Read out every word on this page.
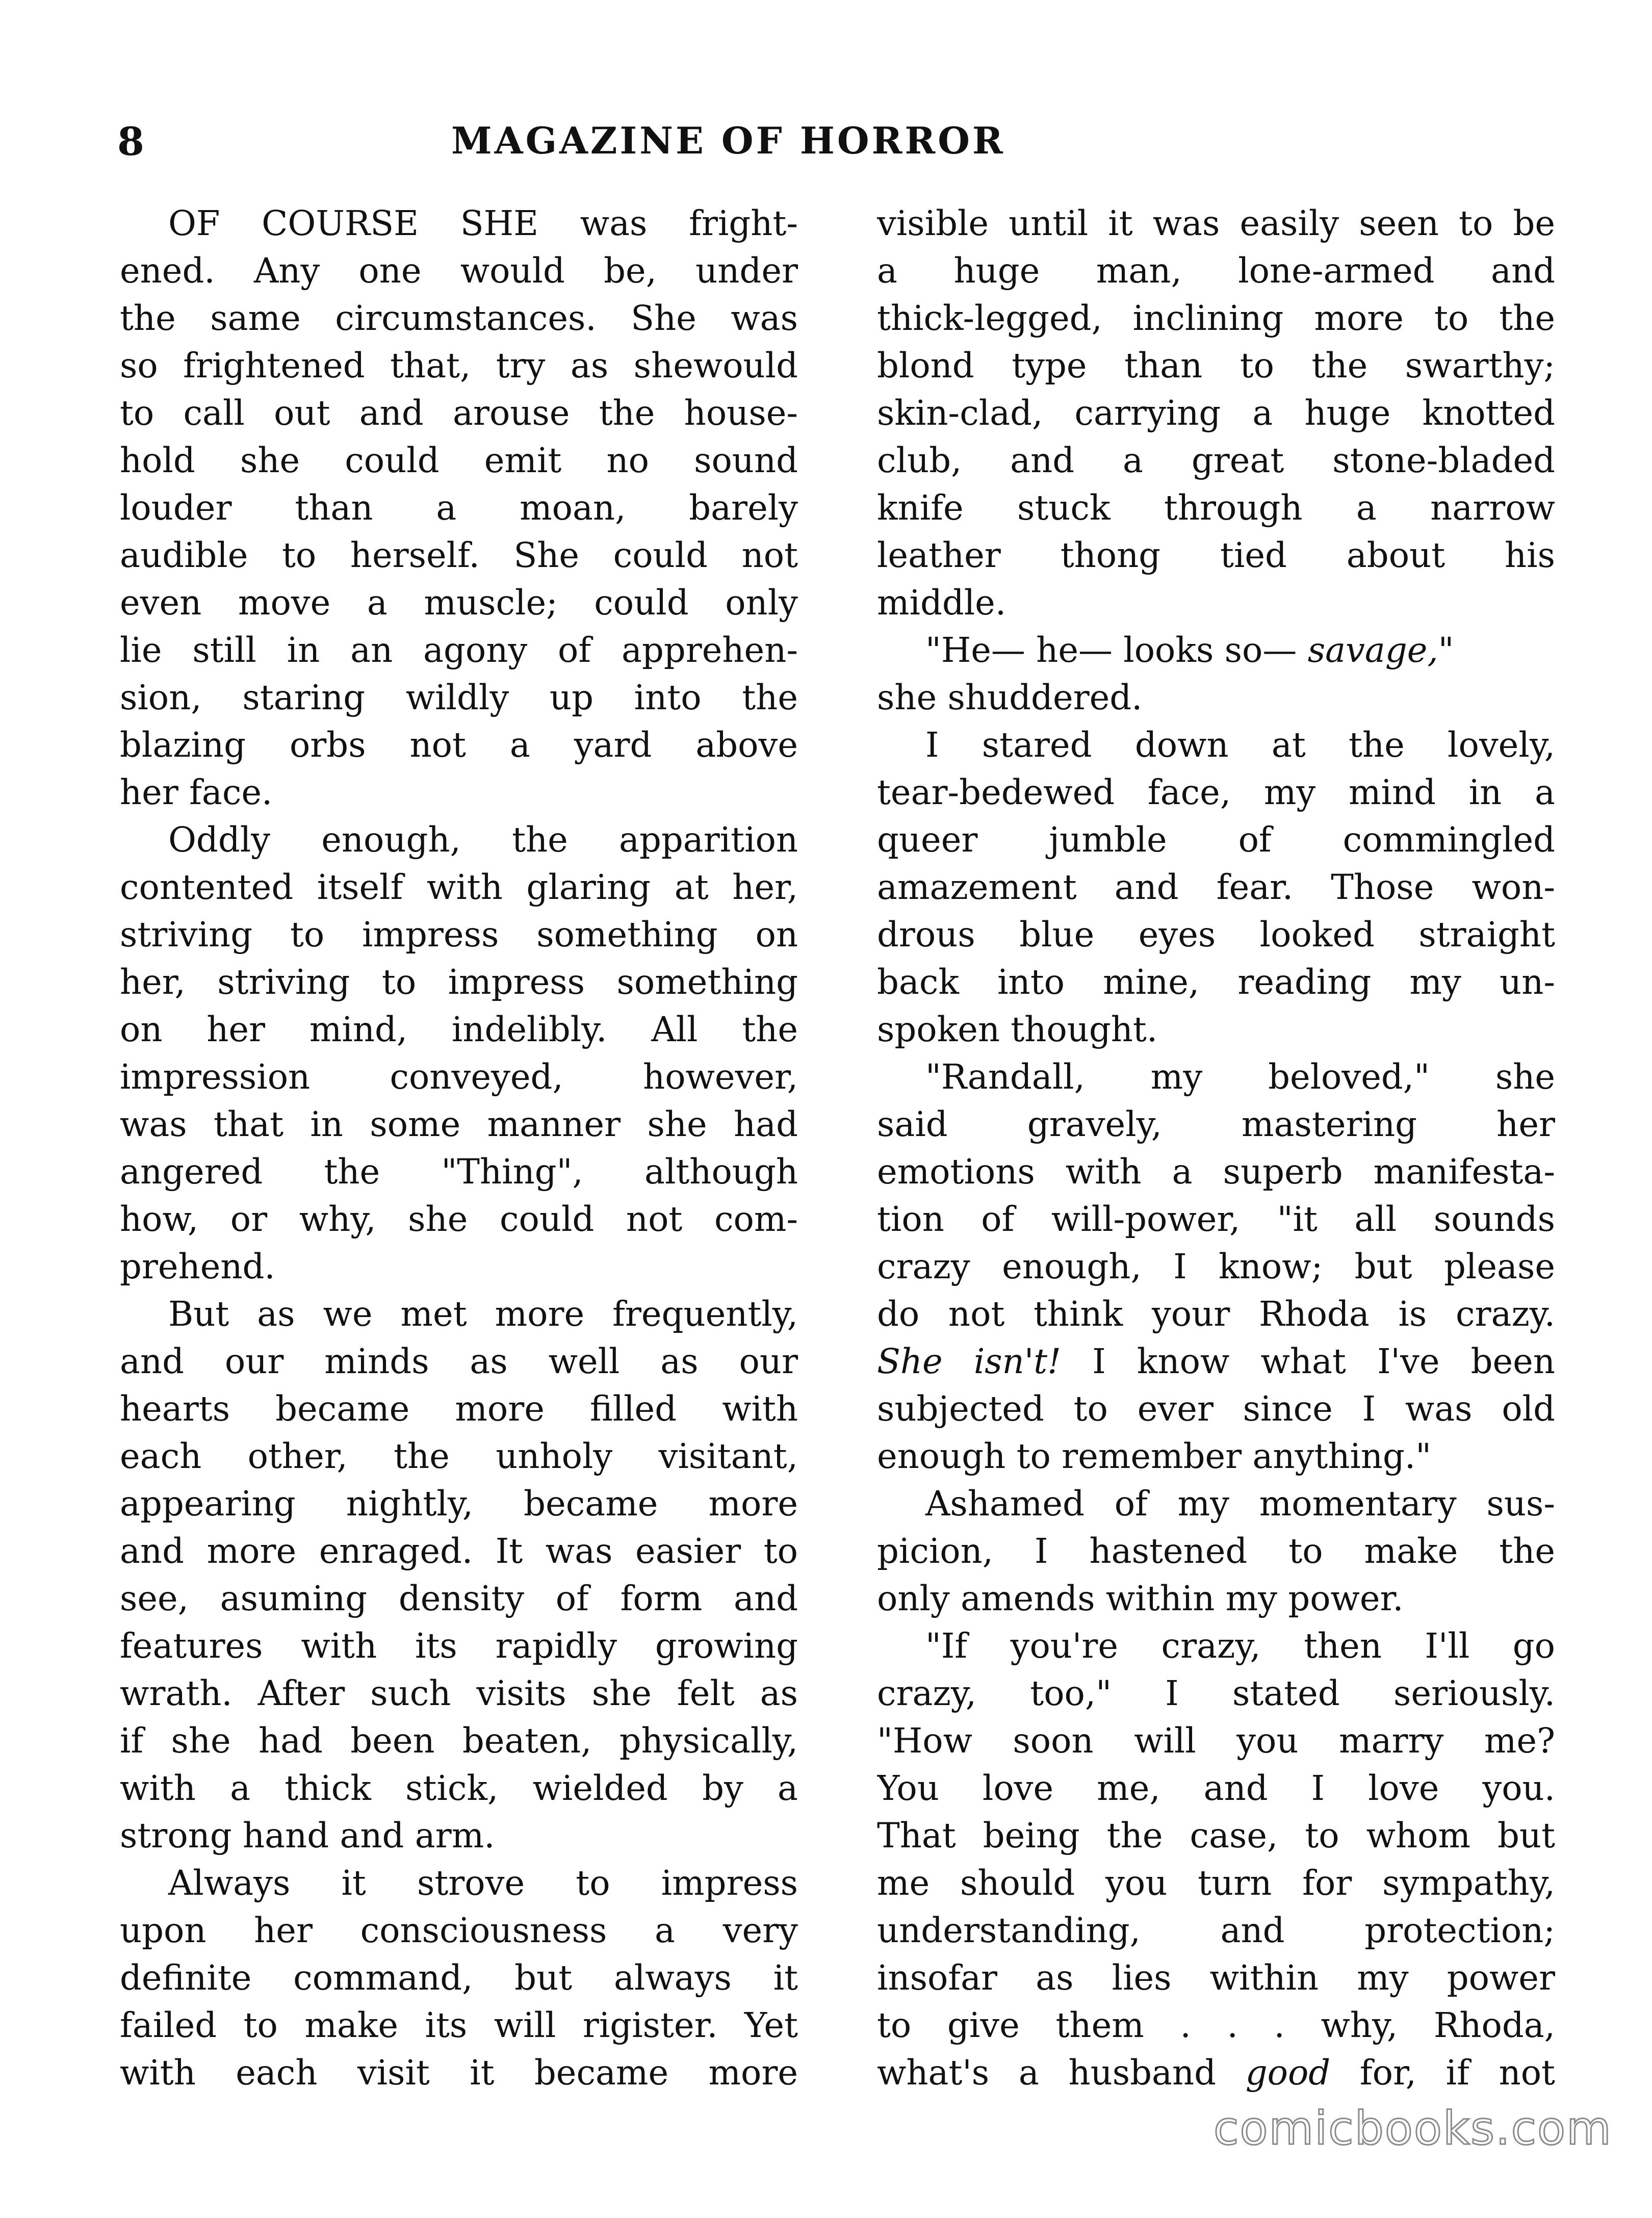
8	MAGAZINE OF HORROR
OF COURSE SHE was fright-
ened. Any one would be, under
the same circumstances. She was
so frightened that, try as shewould
to call out and arouse the house-
hold she could emit no sound
louder than a moan, barely
audible to herself. She could not
even move a muscle; could only
lie still in an agony of apprehen-
sion, staring wildly up into the
blazing orbs not a yard above
her face.
Oddly enough, the apparition
contented itself with glaring at her,
striving to impress something on
her, striving to impress something
on her mind, indelibly. All the
impression conveyed, however,
was that in some manner she had
angered the "Thing", although
how, or why, she could not com-
prehend.
But as we met more frequently,
and our minds as well as our
hearts became more filled with
each other, the unholy visitant,
appearing nightly, became more
and more enraged. It was easier to
see, asuming density of form and
features with its rapidly growing
wrath. After such visits she felt as
if she had been beaten, physically,
with a thick stick, wielded by a
strong hand and arm.
Always it strove to impress
upon her consciousness a very
definite command, but always it
failed to make its will rigister. Yet
with each visit it became more
visible until it was easily seen to be
a huge man, lone-armed and
thick-legged, inclining more to the
blond type than to the swarthy;
skin-clad, carrying a huge knotted
club, and a great stone-bladed
knife stuck through a narrow
leather thong tied about his
middle.
"He— he— looks so— savage,"
she shuddered.
I stared down at the lovely,
tear-bedewed face, my mind in a
queer jumble of commingled
amazement and fear. Those won-
drous blue eyes looked straight
back into mine, reading my un-
spoken thought.
"Randall, my beloved," she
said gravely, mastering her
emotions with a superb manifesta-
tion of will-power, "it all sounds
crazy enough, I know; but please
do not think your Rhoda is crazy.
She isn't! I know what I've been
subjected to ever since I was old
enough to remember anything."
Ashamed of my momentary sus-
picion, I hastened to make the
only amends within my power.
"If you're crazy, then I'll go
crazy, too," I stated seriously.
"How soon will you marry me?
You love me, and I love you.
That being the case, to whom but
me should you turn for sympathy,
understanding, and protection;
insofar as lies within my power
to give them . . . why, Rhoda,
what's a husband good for, if not
comicbooks.com
